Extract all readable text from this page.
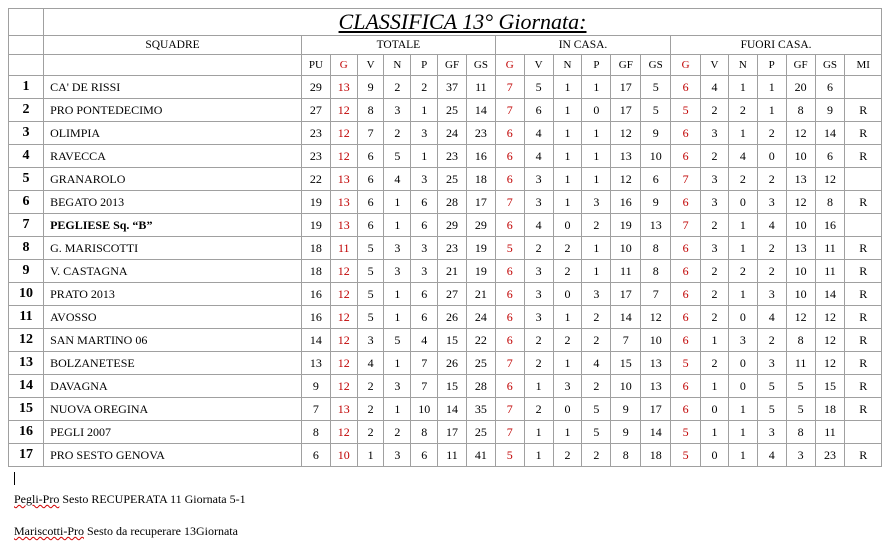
	CLASSIFICA 13° Giornata:																				
	SQUADRE	TOTALE							IN CASA.						FUORI CASA.						
		PU	G	V	N	P	GF	GS	G	V	N	P	GF	GS	G	V	N	P	GF	GS	MI
1	CA' DE RISSI	29	13	9	2	2	37	11	7	5	1	1	17	5	6	4	1	1	20	6	
2	PRO PONTEDECIMO	27	12	8	3	1	25	14	7	6	1	0	17	5	5	2	2	1	8	9	R
3	OLIMPIA	23	12	7	2	3	24	23	6	4	1	1	12	9	6	3	1	2	12	14	R
4	RAVECCA	23	12	6	5	1	23	16	6	4	1	1	13	10	6	2	4	0	10	6	R
5	GRANAROLO	22	13	6	4	3	25	18	6	3	1	1	12	6	7	3	2	2	13	12	
6	BEGATO 2013	19	13	6	1	6	28	17	7	3	1	3	16	9	6	3	0	3	12	8	R
7	PEGLIESE Sq. “B”	19	13	6	1	6	29	29	6	4	0	2	19	13	7	2	1	4	10	16	
8	G. MARISCOTTI	18	11	5	3	3	23	19	5	2	2	1	10	8	6	3	1	2	13	11	R
9	V. CASTAGNA	18	12	5	3	3	21	19	6	3	2	1	11	8	6	2	2	2	10	11	R
10	PRATO 2013	16	12	5	1	6	27	21	6	3	0	3	17	7	6	2	1	3	10	14	R
11	AVOSSO	16	12	5	1	6	26	24	6	3	1	2	14	12	6	2	0	4	12	12	R
12	SAN MARTINO 06	14	12	3	5	4	15	22	6	2	2	2	7	10	6	1	3	2	8	12	R
13	BOLZANETESE	13	12	4	1	7	26	25	7	2	1	4	15	13	5	2	0	3	11	12	R
14	DAVAGNA	9	12	2	3	7	15	28	6	1	3	2	10	13	6	1	0	5	5	15	R
15	NUOVA OREGINA	7	13	2	1	10	14	35	7	2	0	5	9	17	6	0	1	5	5	18	R
16	PEGLI 2007	8	12	2	2	8	17	25	7	1	1	5	9	14	5	1	1	3	8	11	
17	PRO SESTO GENOVA	6	10	1	3	6	11	41	5	1	2	2	8	18	5	0	1	4	3	23	R
Pegli-Pro Sesto RECUPERATA 11 Giornata 5-1
Mariscotti-Pro Sesto da recuperare 13Giornata
